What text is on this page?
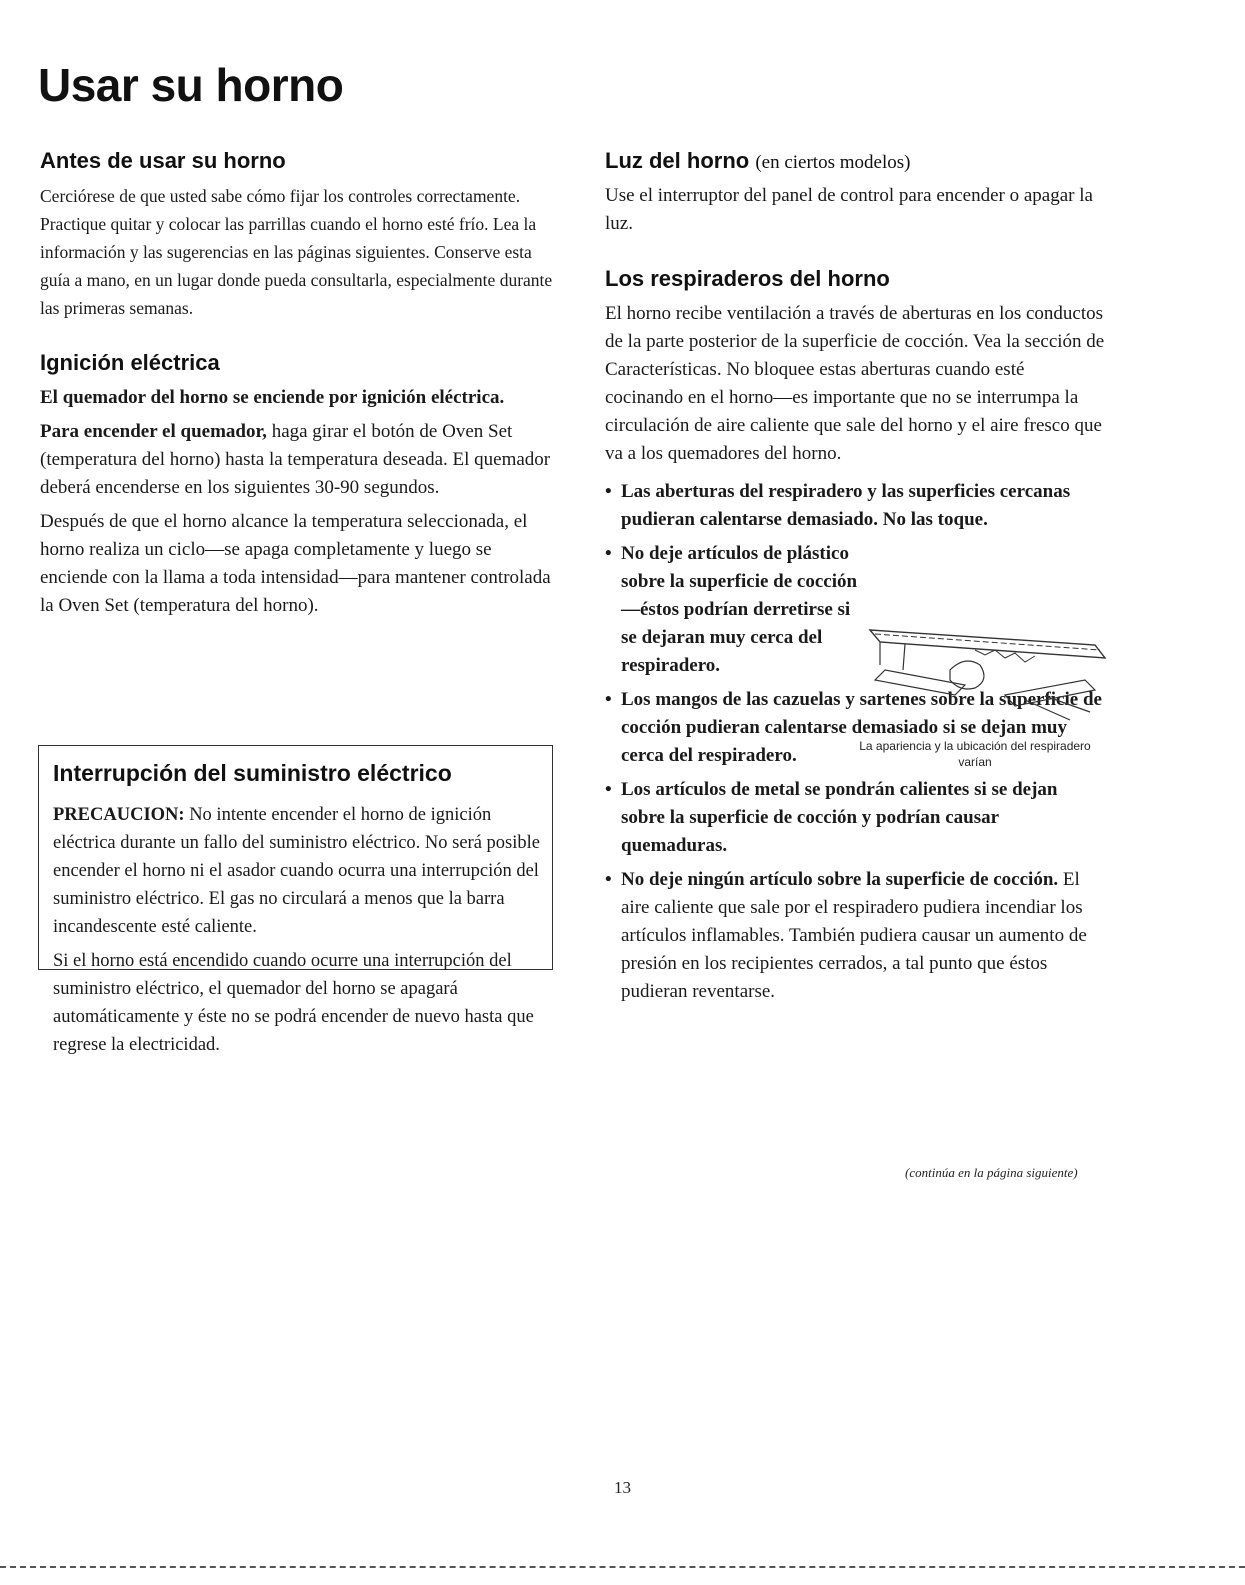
Usar su horno
Antes de usar su horno

Cerciórese de que usted sabe cómo fijar los controles correctamente. Practique quitar y colocar las parrillas cuando el horno esté frío. Lea la información y las sugerencias en las páginas siguientes. Conserve esta guía a mano, en un lugar donde pueda consultarla, especialmente durante las primeras semanas.

Ignición eléctrica

El quemador del horno se enciende por ignición eléctrica.

Para encender el quemador, haga girar el botón de Oven Set (temperatura del horno) hasta la temperatura deseada. El quemador deberá encenderse en los siguientes 30-90 segundos.

Después de que el horno alcance la temperatura seleccionada, el horno realiza un ciclo—se apaga completamente y luego se enciende con la llama a toda intensidad—para mantener controlada la Oven Set (temperatura del horno).

Interrupción del suministro eléctrico

PRECAUCION: No intente encender el horno de ignición eléctrica durante un fallo del suministro eléctrico. No será posible encender el horno ni el asador cuando ocurra una interrupción del suministro eléctrico. El gas no circulará a menos que la barra incandescente esté caliente.

Si el horno está encendido cuando ocurre una interrupción del suministro eléctrico, el quemador del horno se apagará automáticamente y éste no se podrá encender de nuevo hasta que regrese la electricidad.

Luz del horno (en ciertos modelos)

Use el interruptor del panel de control para encender o apagar la luz.

Los respiraderos del horno

El horno recibe ventilación a través de aberturas en los conductos de la parte posterior de la superficie de cocción. Vea la sección de Características. No bloquee estas aberturas cuando esté cocinando en el horno—es importante que no se interrumpa la circulación de aire caliente que sale del horno y el aire fresco que va a los quemadores del horno.

• Las aberturas del respiradero y las superficies cercanas pudieran calentarse demasiado. No las toque.
• No deje artículos de plástico sobre la superficie de cocción—éstos podrían derretirse si se dejaran muy cerca del respiradero.
• Los mangos de las cazuelas y sartenes sobre la superficie de cocción pudieran calentarse demasiado si se dejan muy cerca del respiradero.
• Los artículos de metal se pondrán calientes si se dejan sobre la superficie de cocción y podrían causar quemaduras.
• No deje ningún artículo sobre la superficie de cocción. El aire caliente que sale por el respiradero pudiera incendiar los artículos inflamables. También pudiera causar un aumento de presión en los recipientes cerrados, a tal punto que éstos pudieran reventarse.
La apariencia y la ubicación del respiradero varían
(continúa en la página siguiente)
13
